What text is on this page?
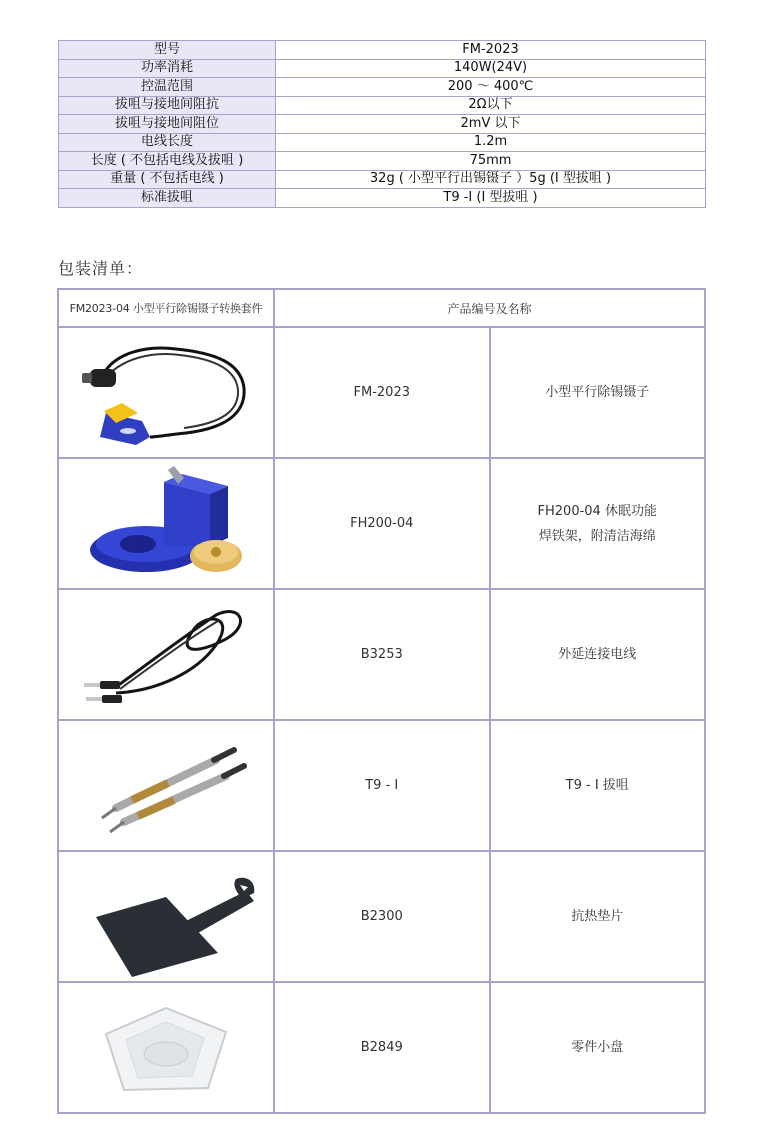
型号	FM-2023
功率消耗	140W(24V)
控温范围	200 ～ 400℃
拔咀与接地间阻抗	2Ω以下
拔咀与接地间阻位	2mV 以下
电线长度	1.2m
长度 ( 不包括电线及拔咀 )	75mm
重量 ( 不包括电线 )	32g ( 小型平行出锡镊子 ）5g (I 型拔咀 )
标准拔咀	T9 -I (I 型拔咀 )
包装清单：
FM2023-04 小型平行除锡镊子转换套件	产品编号及名称	

	FM-2023	小型平行除锡镊子

	FH200-04	FH200-04 休眠功能
焊铁架，附清洁海绵

	B3253	外延连接电线

	T9 - I	T9 - I 拔咀

	B2300	抗热垫片

	B2849	零件小盘
